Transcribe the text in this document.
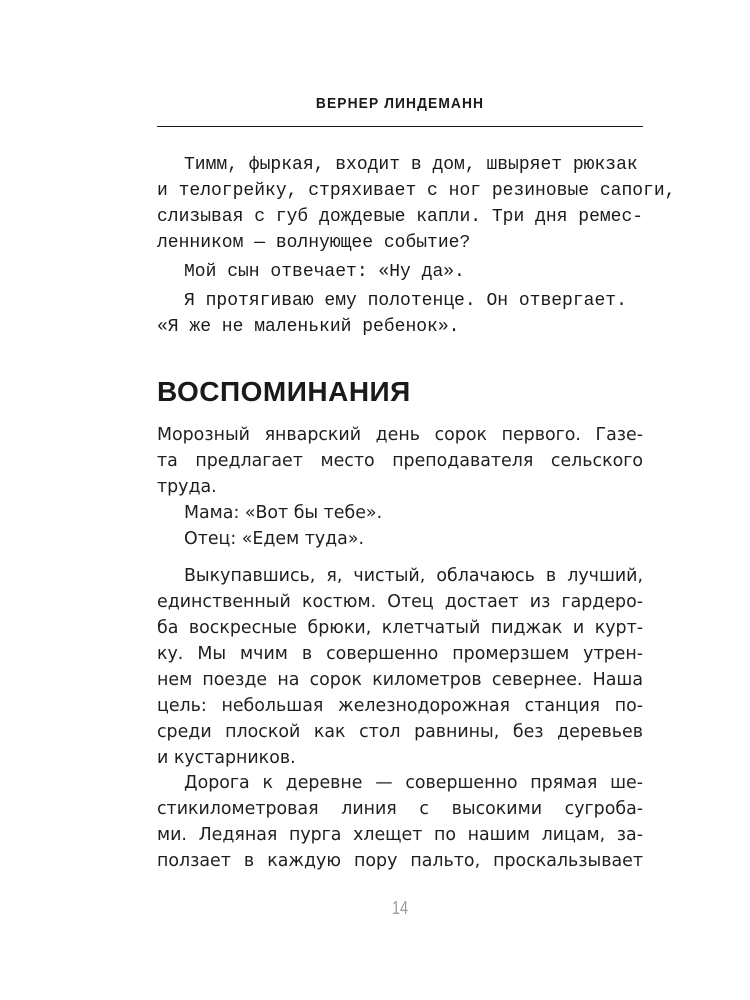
ВЕРНЕР ЛИНДЕМАНН

Тимм, фыркая, входит в дом, швыряет рюкзак
и телогрейку, стряхивает с ног резиновые сапоги,
слизывая с губ дождевые капли. Три дня ремес-
ленником — волнующее событие?

Мой сын отвечает: «Ну да».

Я протягиваю ему полотенце. Он отвергает.
«Я же не маленький ребенок».

ВОСПОМИНАНИЯ
Морозный январский день сорок первого. Газе-
та предлагает место преподавателя сельского
труда.
Мама: «Вот бы тебе».
Отец: «Едем туда».
Выкупавшись, я, чистый, облачаюсь в лучший,
единственный костюм. Отец достает из гардеро-
ба воскресные брюки, клетчатый пиджак и курт-
ку. Мы мчим в совершенно промерзшем утрен-
нем поезде на сорок километров севернее. Наша
цель: небольшая железнодорожная станция по-
среди плоской как стол равнины, без деревьев
и кустарников.
Дорога к деревне — совершенно прямая ше-
стикилометровая линия с высокими сугроба-
ми. Ледяная пурга хлещет по нашим лицам, за-
ползает в каждую пору пальто, проскальзывает
14
